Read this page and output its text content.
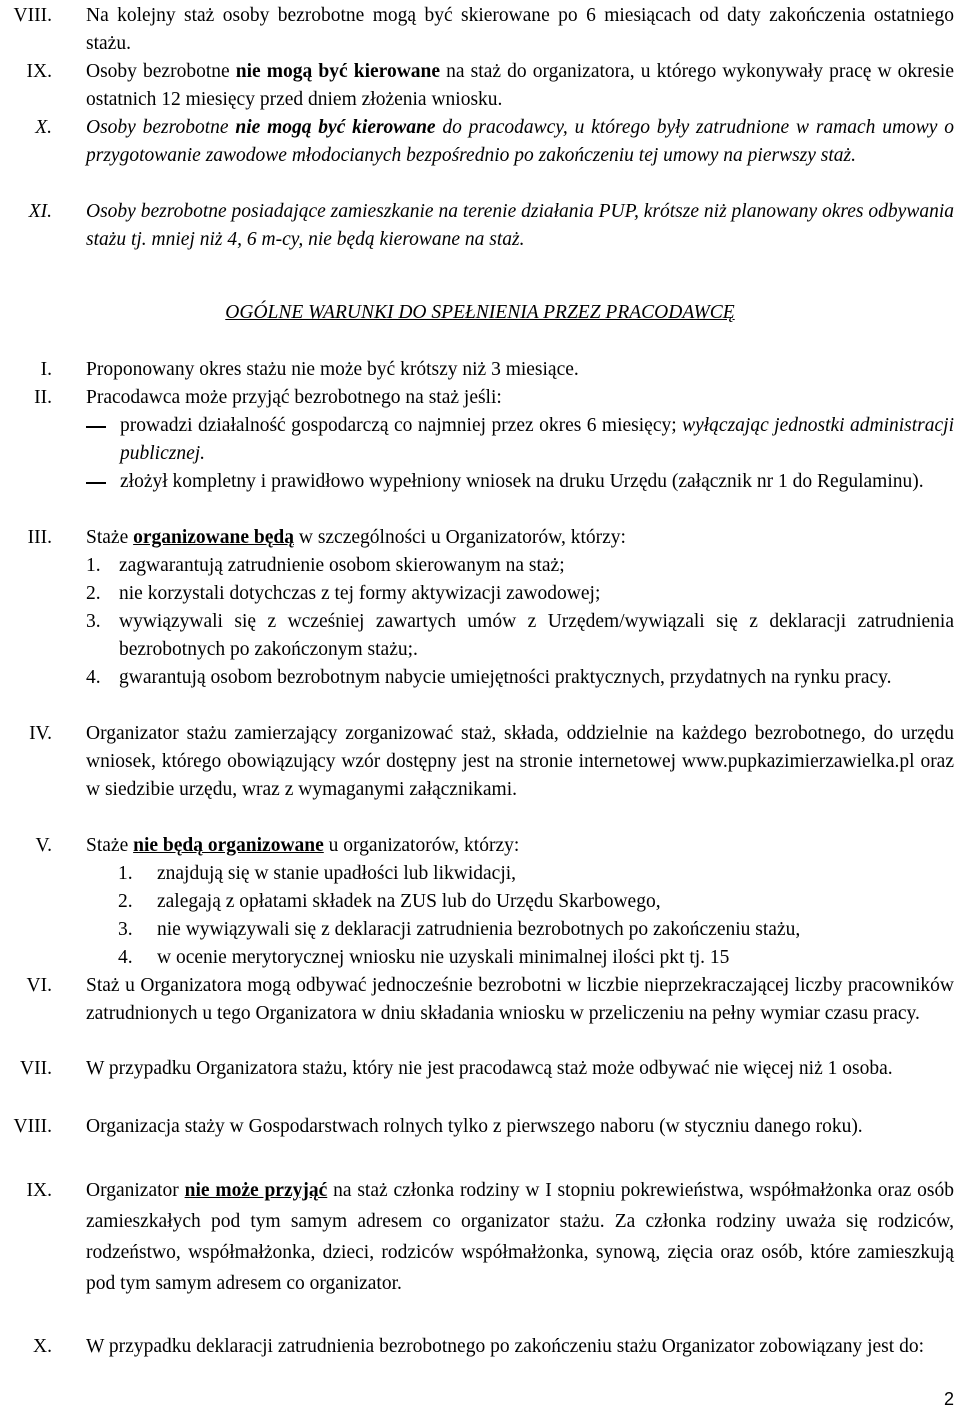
VIII. Na kolejny staż osoby bezrobotne mogą być skierowane po 6 miesiącach od daty zakończenia ostatniego stażu.
IX. Osoby bezrobotne nie mogą być kierowane na staż do organizatora, u którego wykonywały pracę w okresie ostatnich 12 miesięcy przed dniem złożenia wniosku.
X. Osoby bezrobotne nie mogą być kierowane do pracodawcy, u którego były zatrudnione w ramach umowy o przygotowanie zawodowe młodocianych bezpośrednio po zakończeniu tej umowy na pierwszy staż.
XI. Osoby bezrobotne posiadające zamieszkanie na terenie działania PUP, krótsze niż planowany okres odbywania stażu tj. mniej niż 4, 6 m-cy, nie będą kierowane na staż.
OGÓLNE WARUNKI DO SPEŁNIENIA PRZEZ PRACODAWCĘ
I. Proponowany okres stażu nie może być krótszy niż 3 miesiące.
II. Pracodawca może przyjąć bezrobotnego na staż jeśli:
prowadzi działalność gospodarczą co najmniej przez okres 6 miesięcy; wyłączając jednostki administracji publicznej.
złożył kompletny i prawidłowo wypełniony wniosek na druku Urzędu (załącznik nr 1 do Regulaminu).
III. Staże organizowane będą w szczególności u Organizatorów, którzy:
1. zagwarantują zatrudnienie osobom skierowanym na staż;
2. nie korzystali dotychczas z tej formy aktywizacji zawodowej;
3. wywiązywali się z wcześniej zawartych umów z Urzędem/wywiązali się z deklaracji zatrudnienia bezrobotnych po zakończonym stażu;.
4. gwarantują osobom bezrobotnym nabycie umiejętności praktycznych, przydatnych na rynku pracy.
IV. Organizator stażu zamierzający zorganizować staż, składa, oddzielnie na każdego bezrobotnego, do urzędu wniosek, którego obowiązujący wzór dostępny jest na stronie internetowej www.pupkazimierzawielka.pl oraz w siedzibie urzędu, wraz z wymaganymi załącznikami.
V. Staże nie będą organizowane u organizatorów, którzy:
1.	znajdują się w stanie upadłości lub likwidacji,
2.	zalegają z opłatami składek na ZUS lub do Urzędu Skarbowego,
3.	nie wywiązywali się z deklaracji zatrudnienia bezrobotnych po zakończeniu stażu,
4.	w ocenie merytorycznej wniosku nie uzyskali minimalnej ilości pkt tj. 15
VI. Staż u Organizatora mogą odbywać jednocześnie bezrobotni w liczbie nieprzekraczającej liczby pracowników zatrudnionych u tego Organizatora w dniu składania wniosku w przeliczeniu na pełny wymiar czasu pracy.
VII. W przypadku Organizatora stażu, który nie jest pracodawcą staż może odbywać nie więcej niż 1 osoba.
VIII. Organizacja staży w Gospodarstwach rolnych tylko z pierwszego naboru (w styczniu danego roku).
IX. Organizator nie może przyjąć na staż członka rodziny w I stopniu pokrewieństwa, współmałżonka oraz osób zamieszkałych pod tym samym adresem co organizator stażu. Za członka rodziny uważa się rodziców, rodzeństwo, współmałżonka, dzieci, rodziców współmałżonka, synową, zięcia oraz osób, które zamieszkują pod tym samym adresem co organizator.
X. W przypadku deklaracji zatrudnienia bezrobotnego po zakończeniu stażu Organizator zobowiązany jest do:
2
